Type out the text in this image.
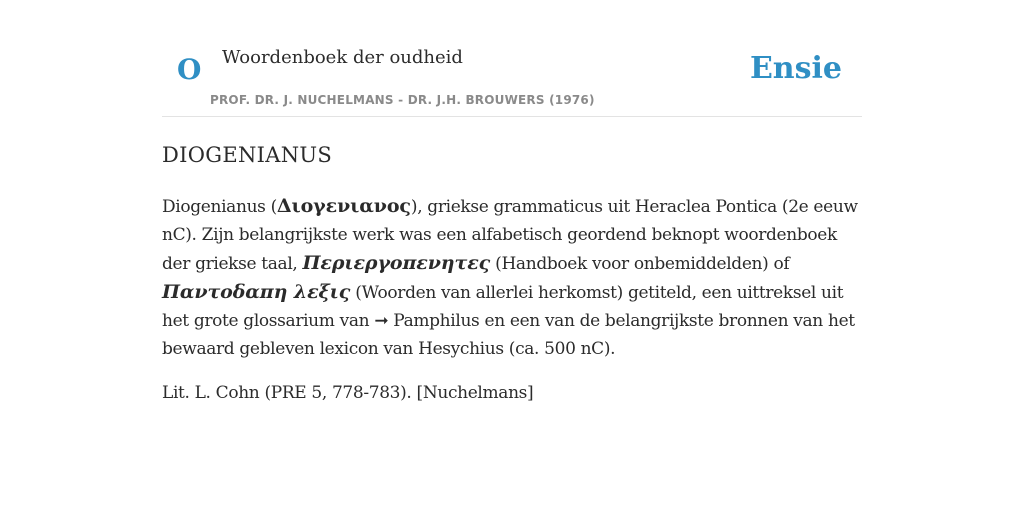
O Woordenboek der oudheid
PROF. DR. J. NUCHELMANS - DR. J.H. BROUWERS (1976)
Ensie
DIOGENIANUS

Diogenianus (Διογενιανος), griekse grammaticus uit Heraclea Pontica (2e eeuw nC). Zijn belangrijkste werk was een alfabetisch geordend beknopt woordenboek der griekse taal, Περιεργοπενητες (Handboek voor onbemiddelden) of Παντοδαπη λεξις (Woorden van allerlei herkomst) getiteld, een uittreksel uit het grote glossarium van ➞ Pamphilus en een van de belangrijkste bronnen van het bewaard gebleven lexicon van Hesychius (ca. 500 nC).

Lit. L. Cohn (PRE 5, 778-783). [Nuchelmans]
